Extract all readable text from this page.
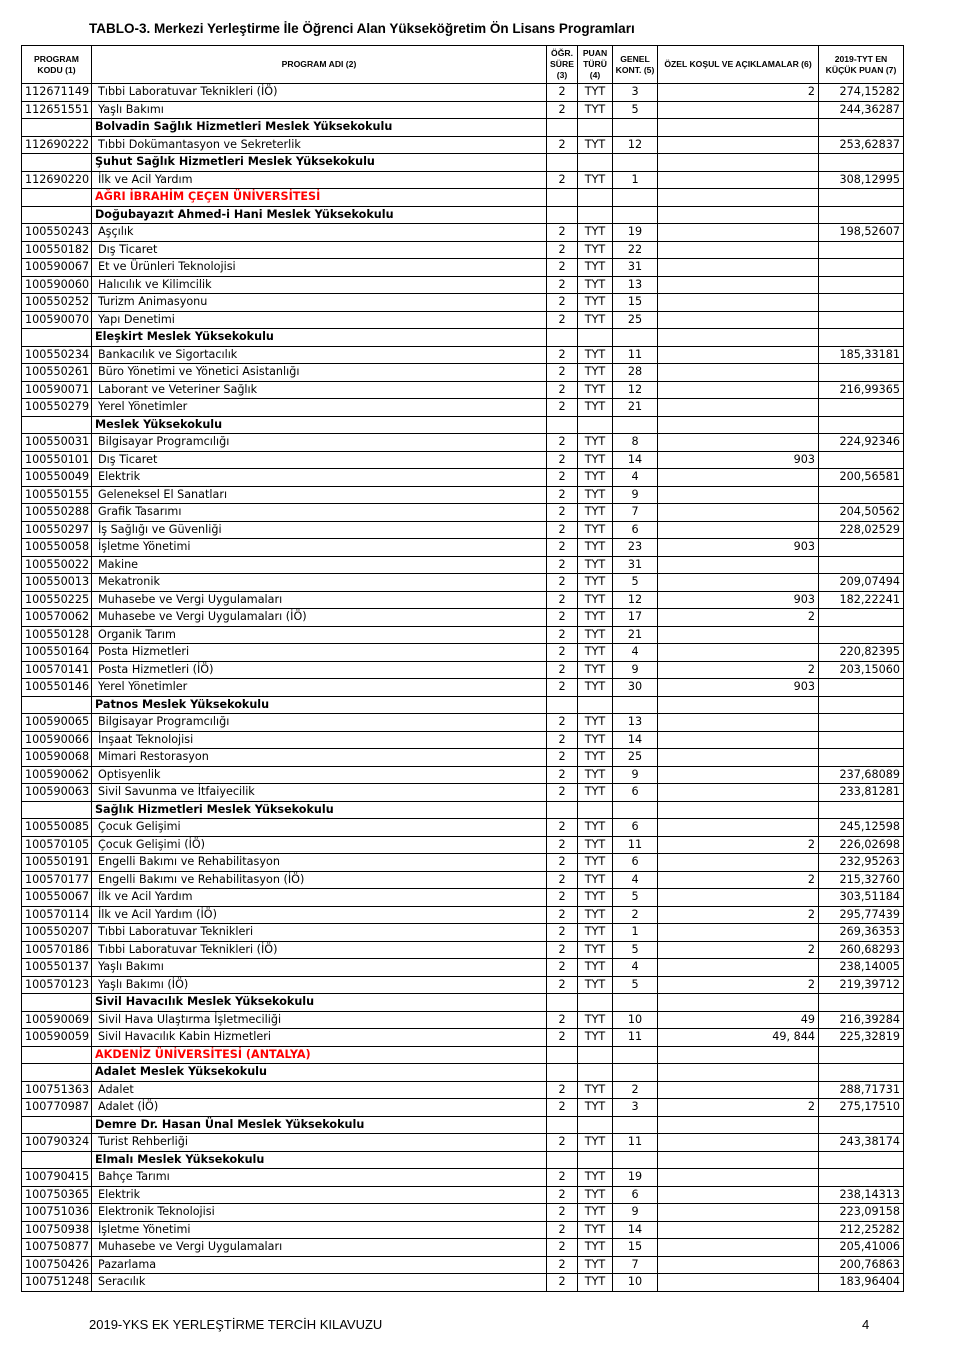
TABLO-3. Merkezi Yerleştirme İle Öğrenci Alan Yükseköğretim Ön Lisans Programları
PROGRAM KODU (1)	PROGRAM ADI (2)	ÖĞR. SÜRE (3)	PUAN TÜRÜ (4)	GENEL KONT. (5)	ÖZEL KOŞUL VE AÇIKLAMALAR (6)	2019-TYT EN KÜÇÜK PUAN (7)
112671149	Tıbbi Laboratuvar Teknikleri (İÖ)	2	TYT	3	2	274,15282
112651551	Yaşlı Bakımı	2	TYT	5		244,36287
	Bolvadin Sağlık Hizmetleri Meslek Yüksekokulu					
112690222	Tıbbi Dokümantasyon ve Sekreterlik	2	TYT	12		253,62837
	Şuhut Sağlık Hizmetleri Meslek Yüksekokulu					
112690220	İlk ve Acil Yardım	2	TYT	1		308,12995
	AĞRI İBRAHİM ÇEÇEN ÜNİVERSİTESİ					
	Doğubayazıt Ahmed-i Hani Meslek Yüksekokulu					
100550243	Aşçılık	2	TYT	19		198,52607
100550182	Dış Ticaret	2	TYT	22		
100590067	Et ve Ürünleri Teknolojisi	2	TYT	31		
100590060	Halıcılık ve Kilimcilik	2	TYT	13		
100550252	Turizm Animasyonu	2	TYT	15		
100590070	Yapı Denetimi	2	TYT	25		
	Eleşkirt Meslek Yüksekokulu					
100550234	Bankacılık ve Sigortacılık	2	TYT	11		185,33181
100550261	Büro Yönetimi ve Yönetici Asistanlığı	2	TYT	28		
100590071	Laborant ve Veteriner Sağlık	2	TYT	12		216,99365
100550279	Yerel Yönetimler	2	TYT	21		
	Meslek Yüksekokulu					
100550031	Bilgisayar Programcılığı	2	TYT	8		224,92346
100550101	Dış Ticaret	2	TYT	14	903	
100550049	Elektrik	2	TYT	4		200,56581
100550155	Geleneksel El Sanatları	2	TYT	9		
100550288	Grafik Tasarımı	2	TYT	7		204,50562
100550297	İş Sağlığı ve Güvenliği	2	TYT	6		228,02529
100550058	İşletme Yönetimi	2	TYT	23	903	
100550022	Makine	2	TYT	31		
100550013	Mekatronik	2	TYT	5		209,07494
100550225	Muhasebe ve Vergi Uygulamaları	2	TYT	12	903	182,22241
100570062	Muhasebe ve Vergi Uygulamaları (İÖ)	2	TYT	17	2	
100550128	Organik Tarım	2	TYT	21		
100550164	Posta Hizmetleri	2	TYT	4		220,82395
100570141	Posta Hizmetleri (İÖ)	2	TYT	9	2	203,15060
100550146	Yerel Yönetimler	2	TYT	30	903	
	Patnos Meslek Yüksekokulu					
100590065	Bilgisayar Programcılığı	2	TYT	13		
100590066	İnşaat Teknolojisi	2	TYT	14		
100590068	Mimari Restorasyon	2	TYT	25		
100590062	Optisyenlik	2	TYT	9		237,68089
100590063	Sivil Savunma ve İtfaiyecilik	2	TYT	6		233,81281
	Sağlık Hizmetleri Meslek Yüksekokulu					
100550085	Çocuk Gelişimi	2	TYT	6		245,12598
100570105	Çocuk Gelişimi (İÖ)	2	TYT	11	2	226,02698
100550191	Engelli Bakımı ve Rehabilitasyon	2	TYT	6		232,95263
100570177	Engelli Bakımı ve Rehabilitasyon (İÖ)	2	TYT	4	2	215,32760
100550067	İlk ve Acil Yardım	2	TYT	5		303,51184
100570114	İlk ve Acil Yardım (İÖ)	2	TYT	2	2	295,77439
100550207	Tıbbi Laboratuvar Teknikleri	2	TYT	1		269,36353
100570186	Tıbbi Laboratuvar Teknikleri (İÖ)	2	TYT	5	2	260,68293
100550137	Yaşlı Bakımı	2	TYT	4		238,14005
100570123	Yaşlı Bakımı (İÖ)	2	TYT	5	2	219,39712
	Sivil Havacılık Meslek Yüksekokulu					
100590069	Sivil Hava Ulaştırma İşletmeciliği	2	TYT	10	49	216,39284
100590059	Sivil Havacılık Kabin Hizmetleri	2	TYT	11	49, 844	225,32819
	AKDENİZ ÜNİVERSİTESİ (ANTALYA)					
	Adalet Meslek Yüksekokulu					
100751363	Adalet	2	TYT	2		288,71731
100770987	Adalet (İÖ)	2	TYT	3	2	275,17510
	Demre Dr. Hasan Ünal Meslek Yüksekokulu					
100790324	Turist Rehberliği	2	TYT	11		243,38174
	Elmalı Meslek Yüksekokulu					
100790415	Bahçe Tarımı	2	TYT	19		
100750365	Elektrik	2	TYT	6		238,14313
100751036	Elektronik Teknolojisi	2	TYT	9		223,09158
100750938	İşletme Yönetimi	2	TYT	14		212,25282
100750877	Muhasebe ve Vergi Uygulamaları	2	TYT	15		205,41006
100750426	Pazarlama	2	TYT	7		200,76863
100751248	Seracılık	2	TYT	10		183,96404
2019-YKS EK YERLEŞTİRME TERCİH KILAVUZU	4
